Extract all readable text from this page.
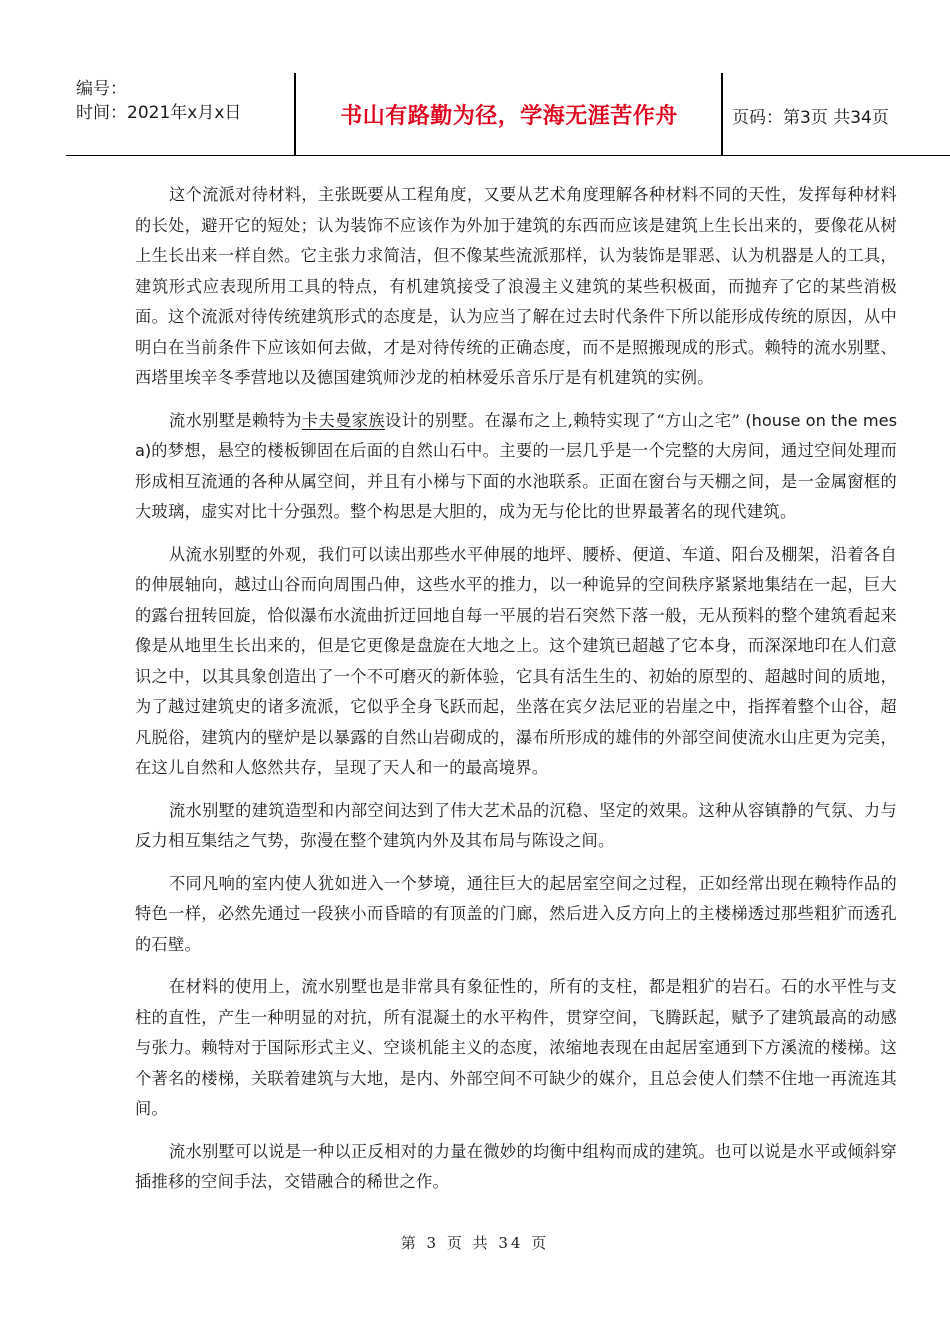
编号：
时间：2021年x月x日	书山有路勤为径，学海无涯苦作舟	页码：第3页 共34页

这个流派对待材料，主张既要从工程角度，又要从艺术角度理解各种材料不同的天性，发挥每种材料的长处，避开它的短处；认为装饰不应该作为外加于建筑的东西而应该是建筑上生长出来的，要像花从树上生长出来一样自然。它主张力求简洁，但不像某些流派那样，认为装饰是罪恶、认为机器是人的工具，建筑形式应表现所用工具的特点，有机建筑接受了浪漫主义建筑的某些积极面，而抛弃了它的某些消极面。这个流派对待传统建筑形式的态度是，认为应当了解在过去时代条件下所以能形成传统的原因，从中明白在当前条件下应该如何去做，才是对待传统的正确态度，而不是照搬现成的形式。赖特的流水别墅、西塔里埃辛冬季营地以及德国建筑师沙龙的柏林爱乐音乐厅是有机建筑的实例。

流水别墅是赖特为卡夫曼家族设计的别墅。在瀑布之上,赖特实现了“方山之宅” (house on the mesa)的梦想，悬空的楼板铆固在后面的自然山石中。主要的一层几乎是一个完整的大房间，通过空间处理而形成相互流通的各种从属空间，并且有小梯与下面的水池联系。正面在窗台与天棚之间，是一金属窗框的大玻璃，虚实对比十分强烈。整个构思是大胆的，成为无与伦比的世界最著名的现代建筑。

从流水别墅的外观，我们可以读出那些水平伸展的地坪、腰桥、便道、车道、阳台及棚架，沿着各自的伸展轴向，越过山谷而向周围凸伸，这些水平的推力，以一种诡异的空间秩序紧紧地集结在一起，巨大的露台扭转回旋，恰似瀑布水流曲折迂回地自每一平展的岩石突然下落一般，无从预料的整个建筑看起来像是从地里生长出来的，但是它更像是盘旋在大地之上。这个建筑已超越了它本身，而深深地印在人们意识之中，以其具象创造出了一个不可磨灭的新体验，它具有活生生的、初始的原型的、超越时间的质地，为了越过建筑史的诸多流派，它似乎全身飞跃而起，坐落在宾夕法尼亚的岩崖之中，指挥着整个山谷，超凡脱俗，建筑内的壁炉是以暴露的自然山岩砌成的，瀑布所形成的雄伟的外部空间使流水山庄更为完美，在这儿自然和人悠然共存，呈现了天人和一的最高境界。

流水别墅的建筑造型和内部空间达到了伟大艺术品的沉稳、坚定的效果。这种从容镇静的气氛、力与反力相互集结之气势，弥漫在整个建筑内外及其布局与陈设之间。

不同凡响的室内使人犹如进入一个梦境，通往巨大的起居室空间之过程，正如经常出现在赖特作品的特色一样，必然先通过一段狭小而昏暗的有顶盖的门廊，然后进入反方向上的主楼梯透过那些粗犷而透孔的石壁。

在材料的使用上，流水别墅也是非常具有象征性的，所有的支柱，都是粗犷的岩石。石的水平性与支柱的直性，产生一种明显的对抗，所有混凝土的水平构件，贯穿空间，飞腾跃起，赋予了建筑最高的动感与张力。赖特对于国际形式主义、空谈机能主义的态度，浓缩地表现在由起居室通到下方溪流的楼梯。这个著名的楼梯，关联着建筑与大地，是内、外部空间不可缺少的媒介，且总会使人们禁不住地一再流连其间。

流水别墅可以说是一种以正反相对的力量在微妙的均衡中组构而成的建筑。也可以说是水平或倾斜穿插推移的空间手法，交错融合的稀世之作。

第 3 页 共 34 页
